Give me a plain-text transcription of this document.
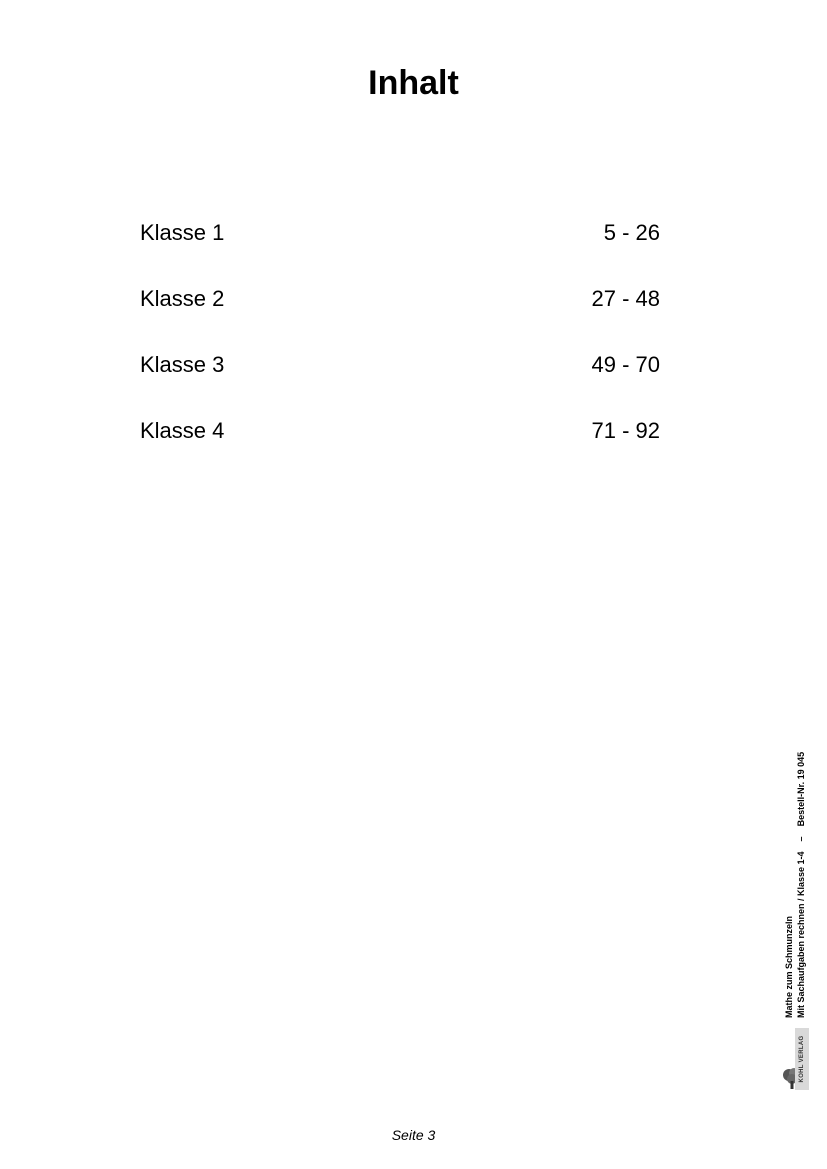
Inhalt
Klasse 1	5 - 26
Klasse 2	27 - 48
Klasse 3	49 - 70
Klasse 4	71 - 92
Mathe zum Schmunzeln Mit Sachaufgaben rechnen / Klasse 1-4
–
Bestell-Nr. 19 045
KOHL VERLAG
Seite 3
